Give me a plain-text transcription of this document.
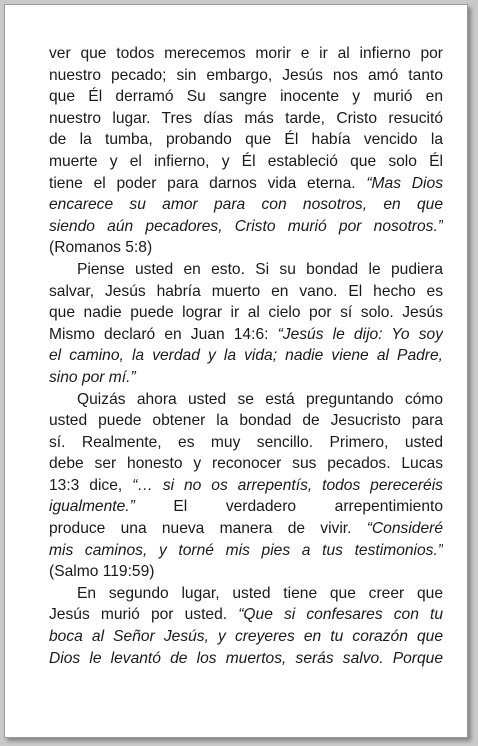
ver que todos merecemos morir e ir al infierno por
nuestro pecado; sin embargo, Jesús nos amó tanto
que Él derramó Su sangre inocente y murió en
nuestro lugar. Tres días más tarde, Cristo resucitó
de la tumba, probando que Él había vencido la
muerte y el infierno, y Él estableció que solo Él
tiene el poder para darnos vida eterna. “Mas Dios
encarece su amor para con nosotros, en que
siendo aún pecadores, Cristo murió por nosotros.”
(Romanos 5:8)
Piense usted en esto. Si su bondad le pudiera
salvar, Jesús habría muerto en vano. El hecho es
que nadie puede lograr ir al cielo por sí solo. Jesús
Mismo declaró en Juan 14:6: “Jesús le dijo: Yo soy
el camino, la verdad y la vida; nadie viene al Padre,
sino por mí.”
Quizás ahora usted se está preguntando cómo
usted puede obtener la bondad de Jesucristo para
sí. Realmente, es muy sencillo. Primero, usted
debe ser honesto y reconocer sus pecados. Lucas
13:3 dice, “… si no os arrepentís, todos pereceréis
igualmente.” El verdadero arrepentimiento
produce una nueva manera de vivir. “Consideré
mis caminos, y torné mis pies a tus testimonios.”
(Salmo 119:59)
En segundo lugar, usted tiene que creer que
Jesús murió por usted. “Que si confesares con tu
boca al Señor Jesús, y creyeres en tu corazón que
Dios le levantó de los muertos, serás salvo. Porque
